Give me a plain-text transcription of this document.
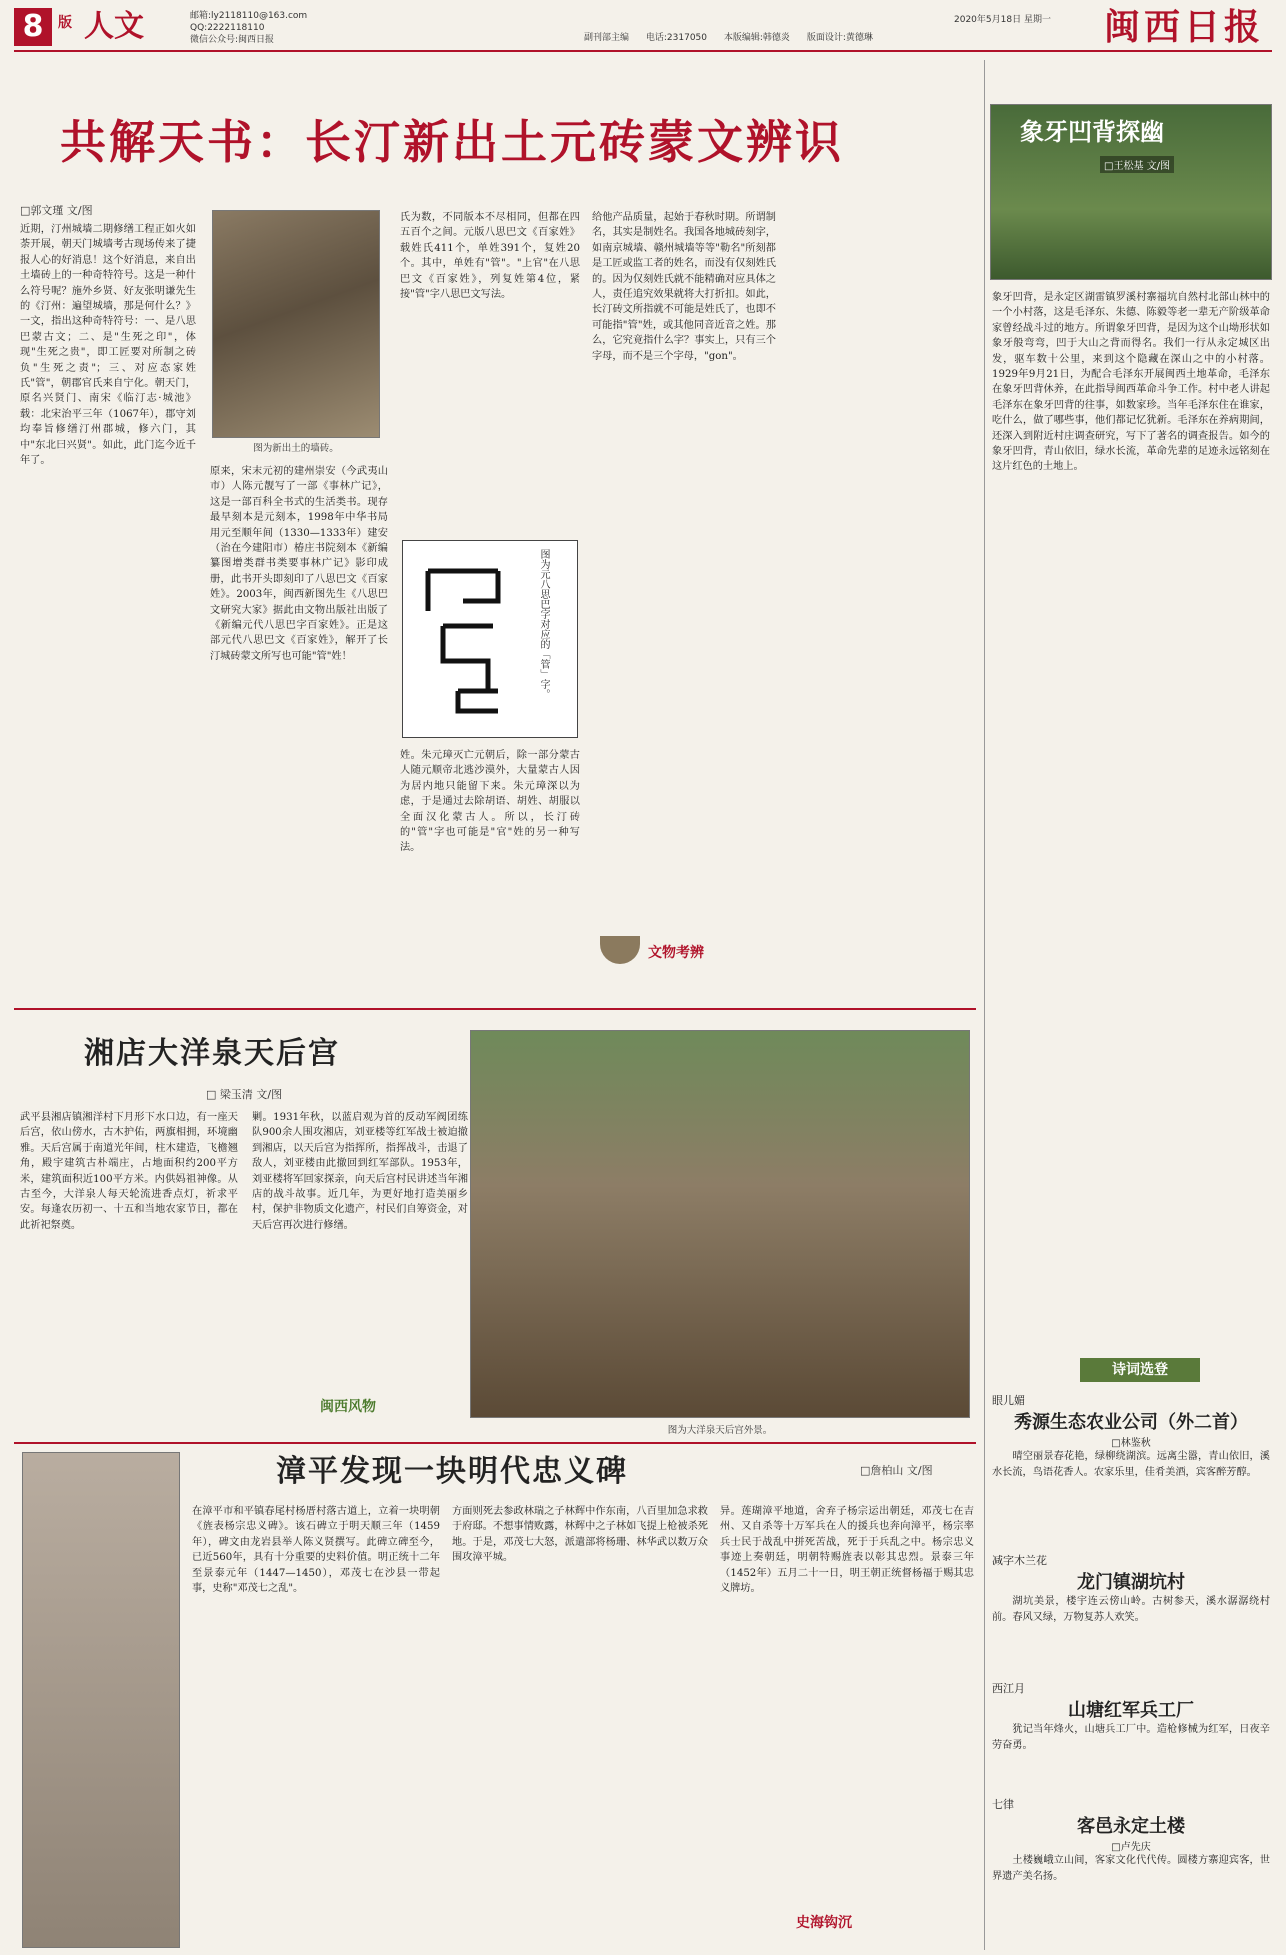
8	版 人文	邮箱:ly2118110@163.com
QQ:2222118110
微信公众号:闽西日报	副刊部主编 电话:2317050 本版编辑:韩德炎 版面设计:黄德琳
2020年5月18日 星期一 闽西日报
共解天书：长汀新出土元砖蒙文辨识
□郭文瑾 文/图
近期，汀州城墙二期修缮工程正如火如荼开展，朝天门城墙考古现场传来了捷报人心的好消息！这个好消息，来自出土墙砖上的一种奇特符号。这是一种什么符号呢？施外乡贤、好友张明谦先生的《汀州：遍望城墙，那是何什么？》一文，指出这种奇特符号：一、是八思巴蒙古文；二、是"生死之印"，体现"生死之贵"，即工匠要对所制之砖负"生死之责"；三、对应态家姓氏"管"，朝郡官氏来自宁化。朝天门，原名兴贤门、南宋《临汀志·城池》载：北宋治平三年（1067年），郡守刘均奉旨修缮汀州郡城，修六门，其中"东北曰兴贤"。如此，此门迄今近千年了。
图为新出土的墙砖。
原来，宋末元初的建州崇安（今武夷山市）人陈元靓写了一部《事林广记》，这是一部百科全书式的生活类书。现存最早刻本是元刻本，1998年中华书局用元至顺年间（1330—1333年）建安（治在今建阳市）椿庄书院刻本《新编纂图增类群书类要事林广记》影印成册，此书开头即刻印了八思巴文《百家姓》。2003年，闽西新图先生《八思巴文研究大家》据此由文物出版社出版了《新编元代八思巴字百家姓》。正是这部元代八思巴文《百家姓》，解开了长汀城砖蒙文所写也可能"管"姓！
氏为数，不同版本不尽相同，但都在四五百个之间。元版八思巴文《百家姓》载姓氏411个，单姓391个，复姓20个。其中，单姓有"管"。"上官"在八思巴文《百家姓》，列复姓第4位，紧接"管"字八思巴文写法。
图为元八思巴字对应的「管」字。
姓。朱元璋灭亡元朝后，除一部分蒙古人随元顺帝北逃沙漠外，大量蒙古人因为居内地只能留下来。朱元璋深以为虑，于是通过去除胡语、胡姓、胡服以全面汉化蒙古人。所以，长汀砖的"管"字也可能是"官"姓的另一种写法。
给他产品质量，起始于春秋时期。所谓制名，其实是制姓名。我国各地城砖刻字，如南京城墙、赣州城墙等等"勒名"所刻都是工匠或监工者的姓名，而没有仅刻姓氏的。因为仅刻姓氏就不能精确对应具体之人，责任追究效果就将大打折扣。如此，长汀砖文所指就不可能是姓氏了，也即不可能指"管"姓，或其他同音近音之姓。那么，它究竟指什么字？事实上，只有三个字母，而不是三个字母，"gon"。
文物考辨
湘店大洋泉天后宫
□ 梁玉清 文/图
武平县湘店镇湘洋村下月形下水口边，有一座天后宫，依山傍水，古木护佑，两旗相拥，环境幽雅。天后宫属于南道光年间，柱木建造，飞檐翘角，殿宇建筑古朴端庄，占地面积约200平方米，建筑面积近100平方米。内供妈祖神像。从古至今，大洋泉人每天轮流进香点灯，祈求平安。每逢农历初一、十五和当地农家节日，都在此祈祀祭奠。
剿。1931年秋，以蓝启观为首的反动军阀团练队900余人围攻湘店，刘亚楼等红军战士被迫撤到湘店，以天后宫为指挥所，指挥战斗，击退了敌人，刘亚楼由此撤回到红军部队。1953年，刘亚楼将军回家探亲，向天后宫村民讲述当年湘店的战斗故事。近几年，为更好地打造美丽乡村，保护非物质文化遗产，村民们自筹资金，对天后宫再次进行修缮。
图为大洋泉天后宫外景。
闽西风物
漳平发现一块明代忠义碑	□詹柏山 文/图
在漳平市和平镇春尾村杨厝村落古道上，立着一块明朝《旌表杨宗忠义碑》。该石碑立于明天顺三年（1459年），碑文由龙岩县举人陈义贤撰写。此碑立碑至今，已近560年，具有十分重要的史料价值。明正统十二年至景泰元年（1447—1450），邓茂七在沙县一带起事，史称"邓茂七之乱"。
方面则死去参政林瑞之子林辉中作东南，八百里加急求救于府邸。不想事情败露，林辉中之子林如飞提上枪被杀死地。于是，邓茂七大怒，派遣部将杨珊、林华武以数万众围攻漳平城。
异。莲瑚漳平地道，舍弃子杨宗运出朝廷，邓茂七在吉州、又自杀等十万军兵在人的援兵也奔向漳平，杨宗率兵士民于战乱中拼死苦战，死于于兵乱之中。杨宗忠义事迹上奏朝廷，明朝特赐旌表以彰其忠烈。景泰三年（1452年）五月二十一日，明王朝正统督杨福于赐其忠义牌坊。
史海钩沉
象牙凹背探幽
□王松基 文/图
象牙凹背，是永定区湖雷镇罗溪村寨福坑自然村北部山林中的一个小村落，这是毛泽东、朱德、陈毅等老一辈无产阶级革命家曾经战斗过的地方。所谓象牙凹背，是因为这个山坳形状如象牙般弯弯，凹于大山之背而得名。我们一行从永定城区出发，驱车数十公里，来到这个隐藏在深山之中的小村落。1929年9月21日，为配合毛泽东开展闽西土地革命，毛泽东在象牙凹背休养，在此指导闽西革命斗争工作。村中老人讲起毛泽东在象牙凹背的往事，如数家珍。当年毛泽东住在谁家，吃什么，做了哪些事，他们都记忆犹新。毛泽东在养病期间，还深入到附近村庄调查研究，写下了著名的调查报告。如今的象牙凹背，青山依旧，绿水长流，革命先辈的足迹永远铭刻在这片红色的土地上。
诗词选登
眼儿媚
秀源生态农业公司（外二首）
□林鉴秋
晴空丽景春花艳，绿柳绕湖滨。远离尘嚣，青山依旧，溪水长流，鸟语花香人。农家乐里，佳肴美酒，宾客醉芳醇。
减字木兰花
龙门镇湖坑村
湖坑美景，楼宇连云傍山岭。古树参天，溪水潺潺绕村前。春风又绿，万物复苏人欢笑。
西江月
山塘红军兵工厂
犹记当年烽火，山塘兵工厂中。造枪修械为红军，日夜辛劳奋勇。
七律
客邑永定土楼
□卢先庆
土楼巍峨立山间，客家文化代代传。圆楼方寨迎宾客，世界遗产美名扬。
